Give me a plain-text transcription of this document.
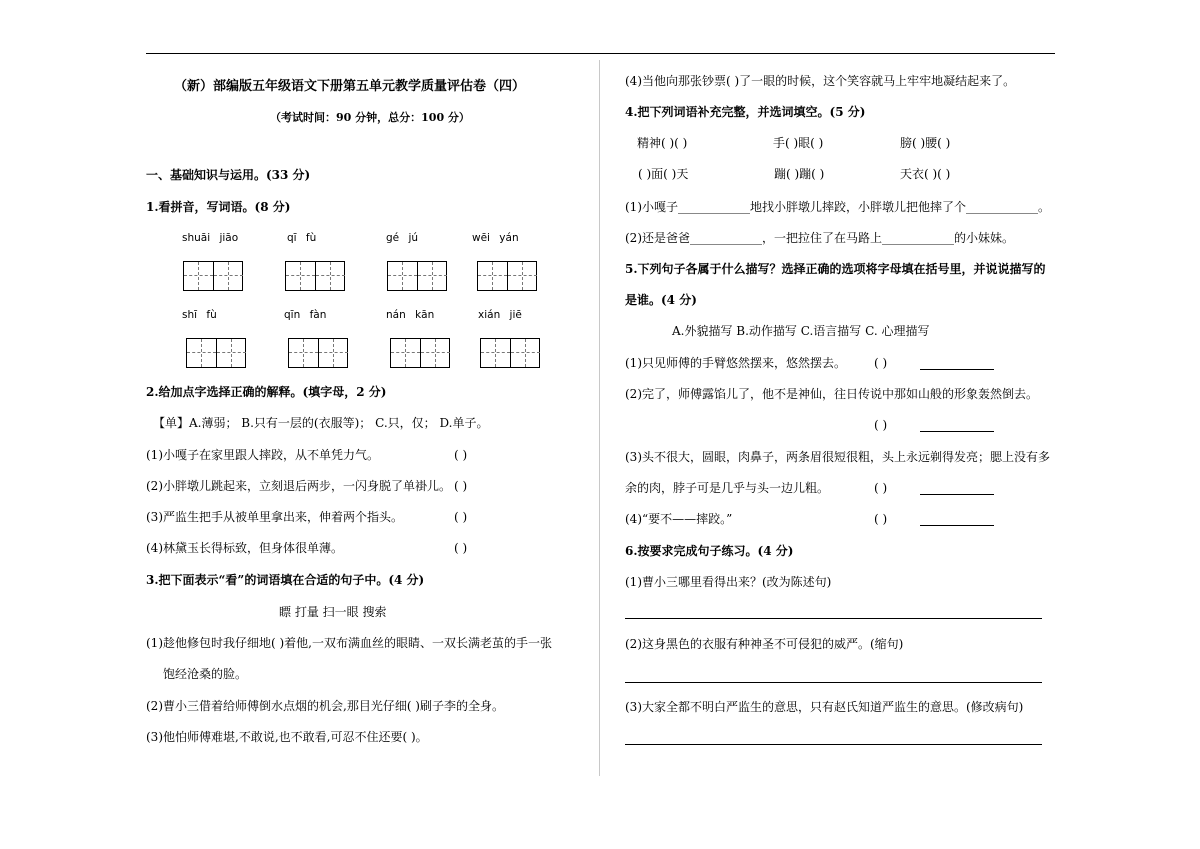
（新）部编版五年级语文下册第五单元教学质量评估卷（四）
（考试时间：90 分钟，总分：100 分）
一、基础知识与运用。(33 分)
1.看拼音，写词语。(8 分)
shuāi jiāo	qī fù	gé jú	wēi yán
shī fù	qīn fàn	nán kān	xián jiē
2.给加点字选择正确的解释。(填字母，2 分)
【单】A.薄弱； B.只有一层的(衣服等)； C.只，仅； D.单子。
(1)小嘎子在家里跟人摔跤，从不单凭力气。	( )
(2)小胖墩儿跳起来，立刻退后两步，一闪身脱了单褂儿。 ( )
(3)严监生把手从被单里拿出来，伸着两个指头。	( )
(4)林黛玉长得标致，但身体很单薄。	( )
3.把下面表示“看”的词语填在合适的句子中。(4 分)
瞟 打量 扫一眼 搜索
(1)趁他修包时我仔细地( )着他,一双布满血丝的眼睛、一双长满老茧的手一张
饱经沧桑的脸。
(2)曹小三借着给师傅倒水点烟的机会,那目光仔细( )刷子李的全身。
(3)他怕师傅难堪,不敢说,也不敢看,可忍不住还要( )。
(4)当他向那张钞票( )了一眼的时候，这个笑容就马上牢牢地凝结起来了。
4.把下列词语补充完整，并选词填空。(5 分)
精神( )( )	手( )眼( )	膀( )腰( )
( )面( )天	蹦( )蹦( )	天衣( )( )
(1)小嘎子____________地找小胖墩儿摔跤，小胖墩儿把他摔了个____________。
(2)还是爸爸____________，一把拉住了在马路上____________的小妹妹。
5.下列句子各属于什么描写？选择正确的选项将字母填在括号里，并说说描写的
是谁。(4 分)
A.外貌描写 B.动作描写 C.语言描写 C. 心理描写
(1)只见师傅的手臂悠然摆来，悠然摆去。 ( )
(2)完了，师傅露馅儿了，他不是神仙，往日传说中那如山般的形象轰然倒去。
( )
(3)头不很大，圆眼，肉鼻子，两条眉很短很粗，头上永远剃得发亮；腮上没有多
余的肉，脖子可是几乎与头一边儿粗。	( )
(4)“要不——摔跤。”	( )
6.按要求完成句子练习。(4 分)
(1)曹小三哪里看得出来？(改为陈述句)
(2)这身黑色的衣服有种神圣不可侵犯的威严。(缩句)
(3)大家全都不明白严监生的意思，只有赵氏知道严监生的意思。(修改病句)
